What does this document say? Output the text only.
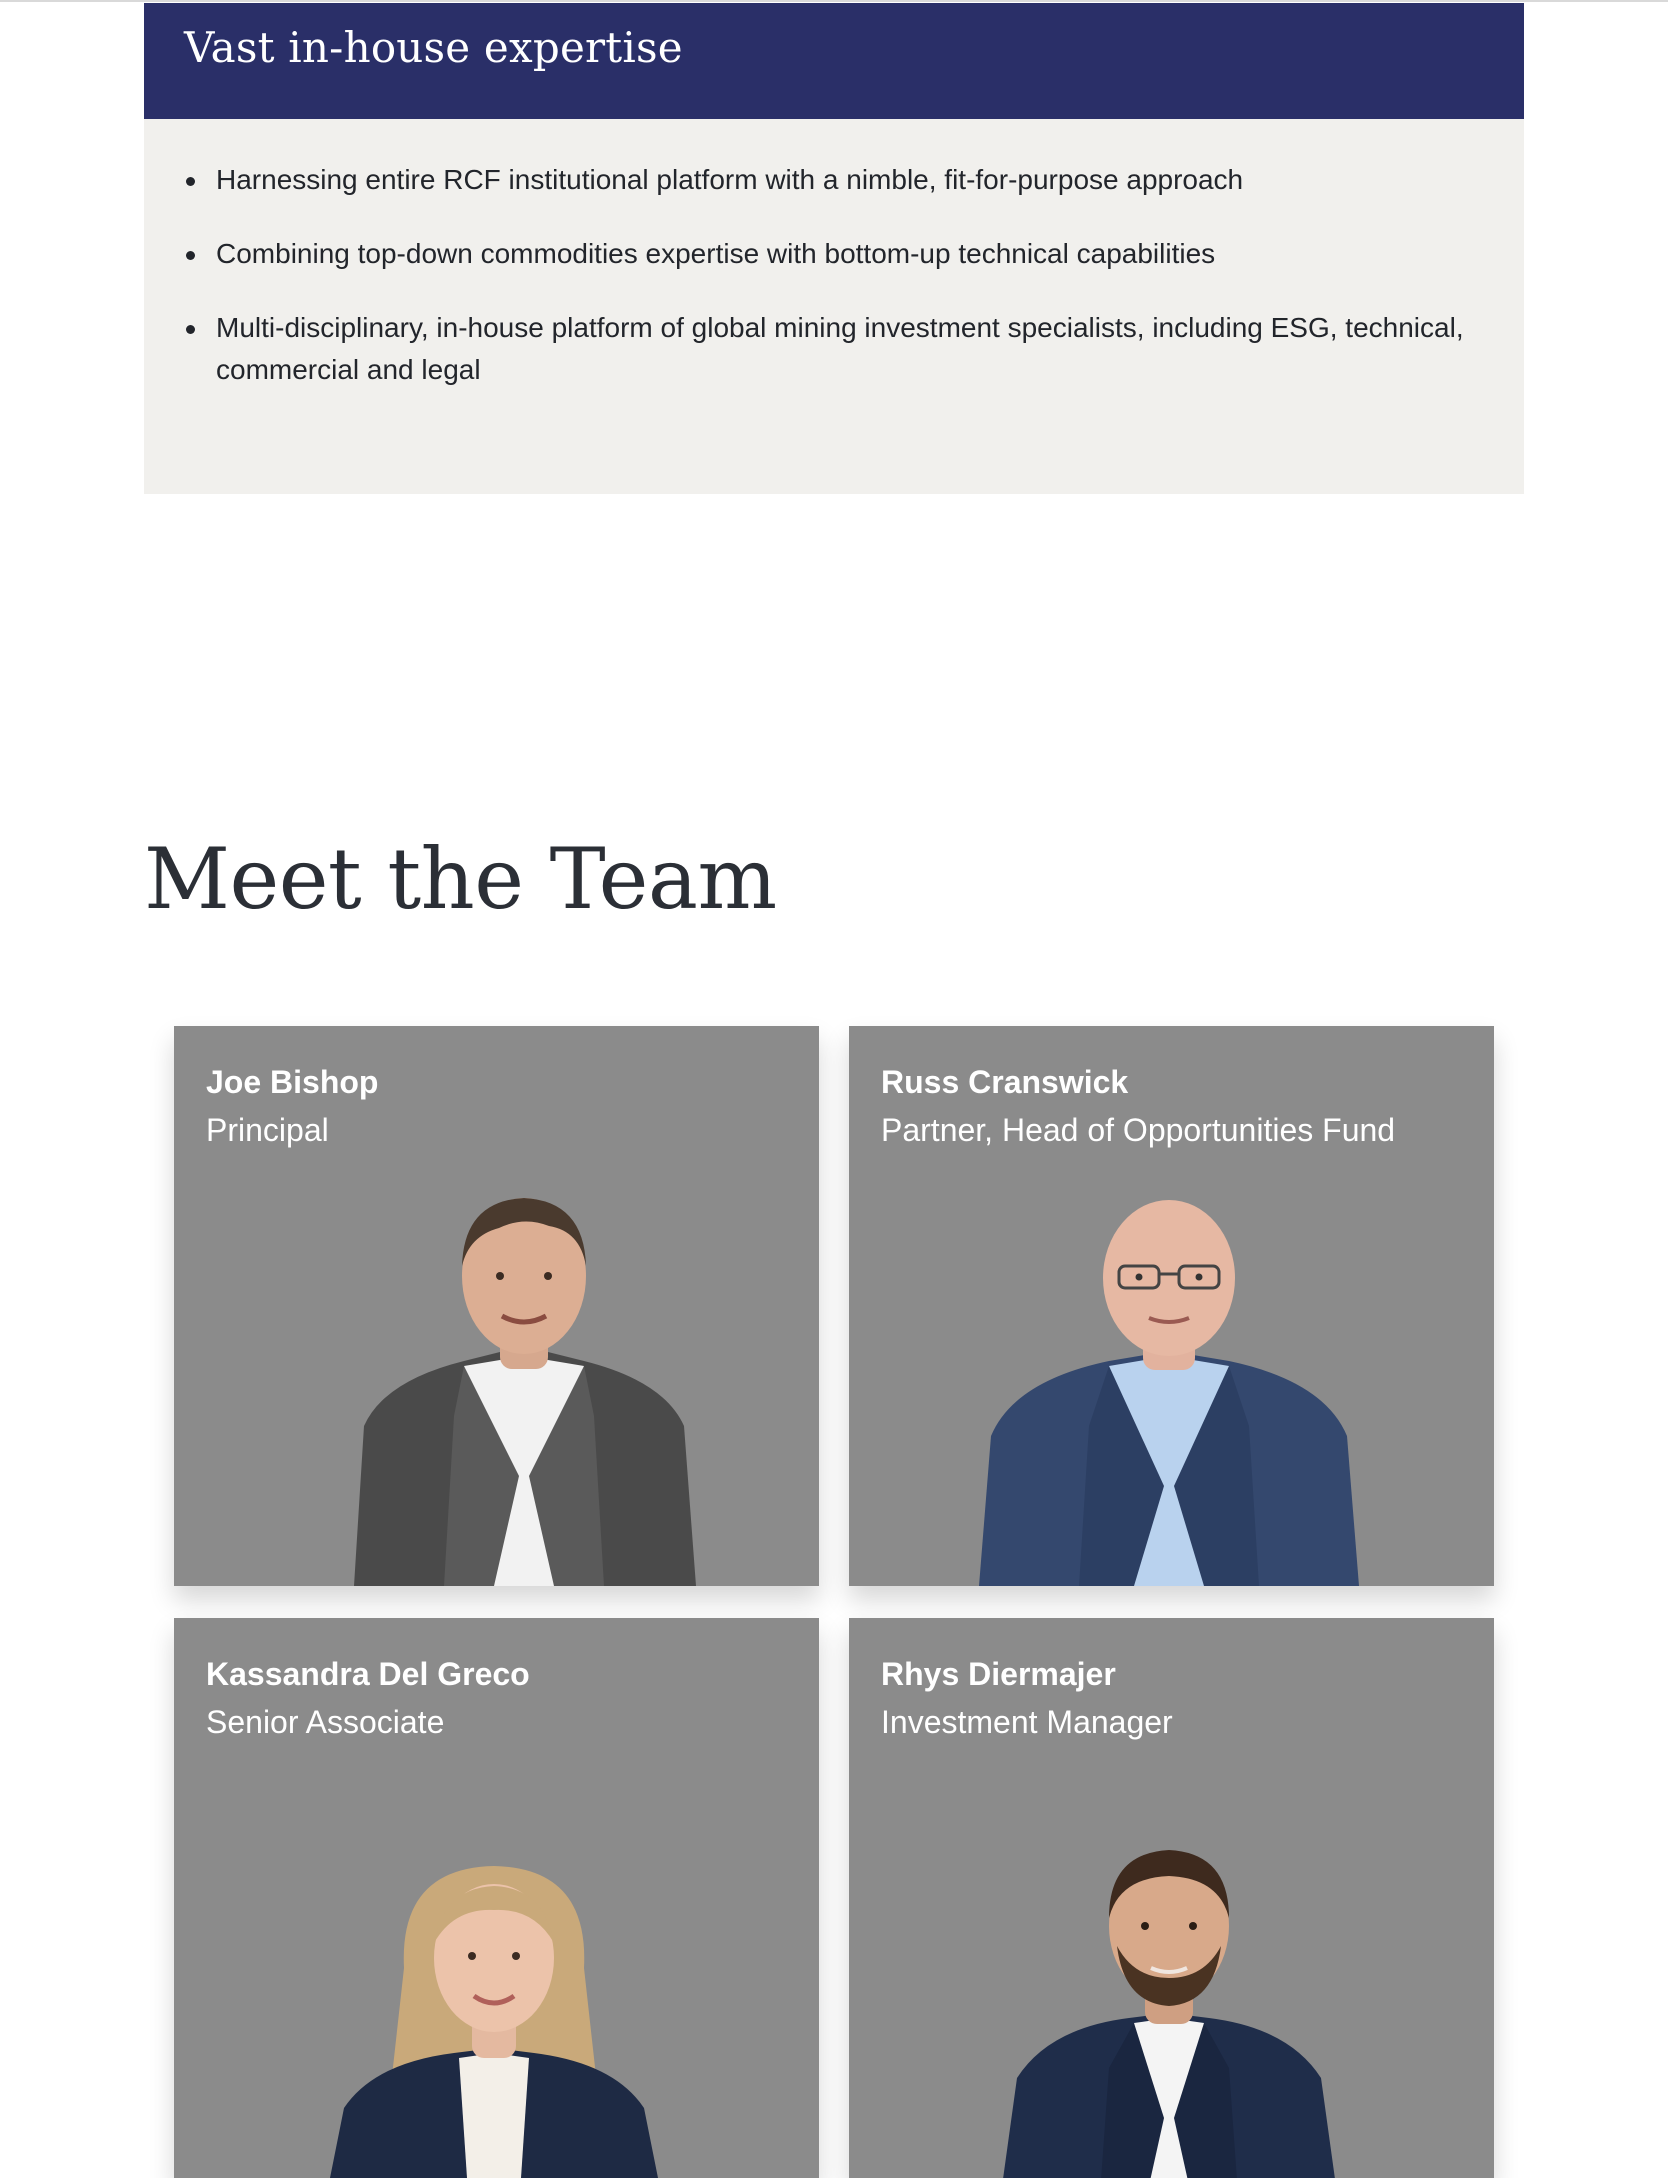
Vast in-house expertise
Harnessing entire RCF institutional platform with a nimble, fit-for-purpose approach
Combining top-down commodities expertise with bottom-up technical capabilities
Multi-disciplinary, in-house platform of global mining investment specialists, including ESG, technical, commercial and legal
Meet the Team
Joe Bishop
Principal
Russ Cranswick
Partner, Head of Opportunities Fund
Kassandra Del Greco
Senior Associate
Rhys Diermajer
Investment Manager
